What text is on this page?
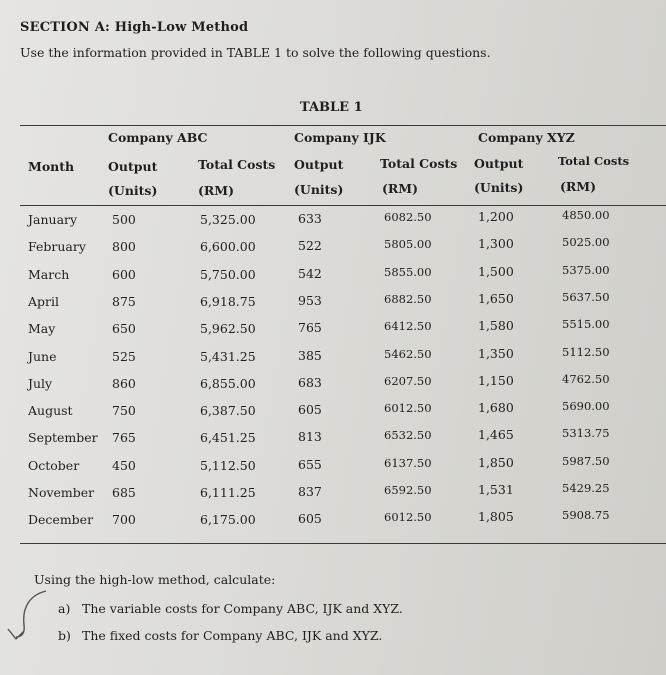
SECTION A: High-Low Method
Use the information provided in TABLE 1 to solve the following questions.
TABLE 1
Company ABC	Company IJK	Company XYZ
Month	Output	Total Costs Output	Total Costs Output	Total Costs
(Units)	(RM)	(Units)	(RM)	(Units)	(RM)
January	500	5,325.00	633	6082.50	1,200	4850.00
February 800	6,600.00	522	5805.00	1,300	5025.00
March	600	5,750.00	542	5855.00	1,500	5375.00
April	875	6,918.75	953	6882.50	1,650	5637.50
May	650	5,962.50	765	6412.50	1,580	5515.00
June	525	5,431.25	385	5462.50	1,350	5112.50
July	860	6,855.00	683	6207.50	1,150	4762.50
August	750	6,387.50	605	6012.50	1,680	5690.00
September 765	6,451.25	813	6532.50	1,465	5313.75
October	450	5,112.50	655	6137.50	1,850	5987.50
November 685	6,111.25	837	6592.50	1,531	5429.25
December 700	6,175.00	605	6012.50	1,805	5908.75
Using the high-low method, calculate:
a) The variable costs for Company ABC, IJK and XYZ.
b) The fixed costs for Company ABC, IJK and XYZ.
